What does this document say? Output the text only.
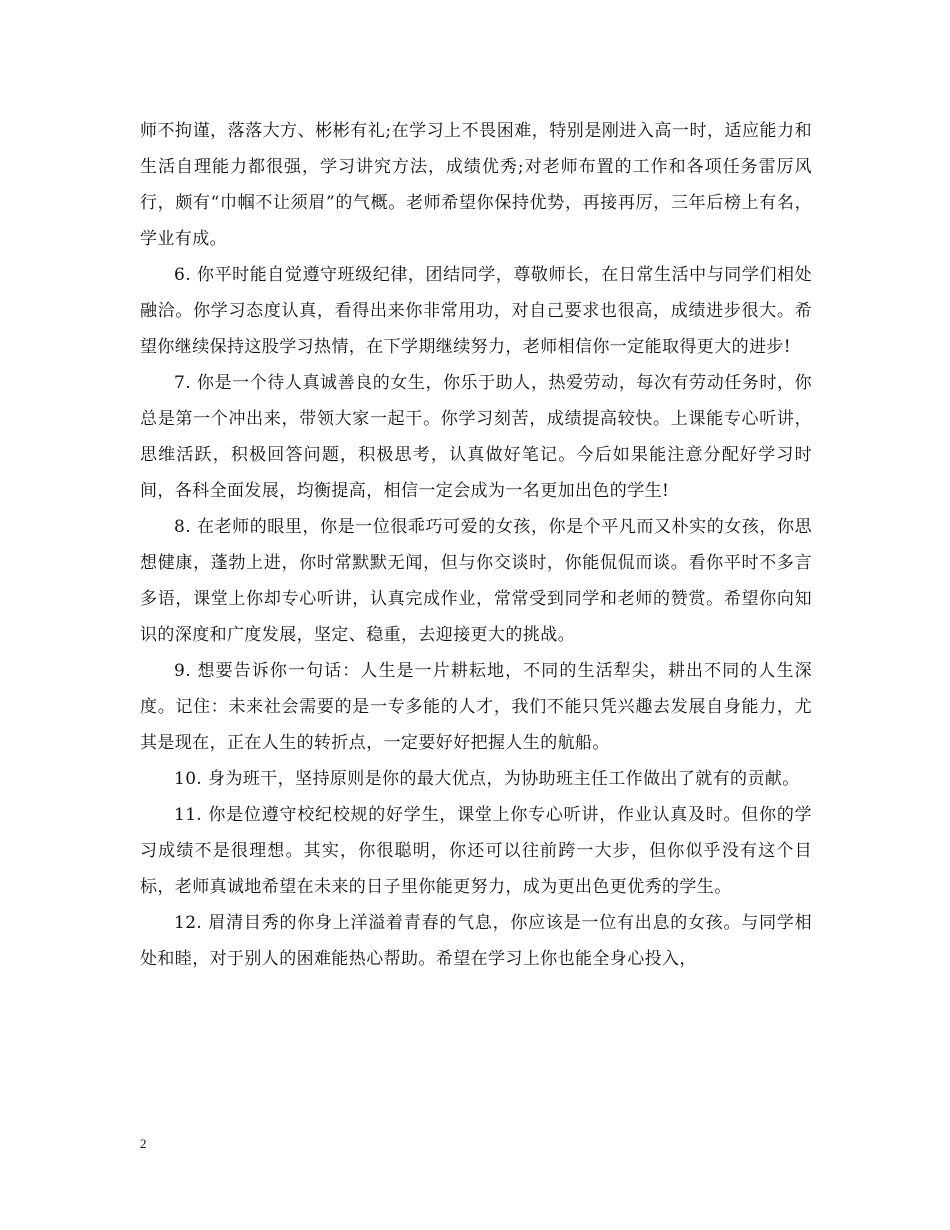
师不拘谨，落落大方、彬彬有礼;在学习上不畏困难，特别是刚进入高一时，适应能力和生活自理能力都很强，学习讲究方法，成绩优秀;对老师布置的工作和各项任务雷厉风行，颇有“巾帼不让须眉”的气概。老师希望你保持优势，再接再厉，三年后榜上有名，学业有成。

6. 你平时能自觉遵守班级纪律，团结同学，尊敬师长，在日常生活中与同学们相处融洽。你学习态度认真，看得出来你非常用功，对自己要求也很高，成绩进步很大。希望你继续保持这股学习热情，在下学期继续努力，老师相信你一定能取得更大的进步!

7. 你是一个待人真诚善良的女生，你乐于助人，热爱劳动，每次有劳动任务时，你总是第一个冲出来，带领大家一起干。你学习刻苦，成绩提高较快。上课能专心听讲，思维活跃，积极回答问题，积极思考，认真做好笔记。今后如果能注意分配好学习时间，各科全面发展，均衡提高，相信一定会成为一名更加出色的学生!

8. 在老师的眼里，你是一位很乖巧可爱的女孩，你是个平凡而又朴实的女孩，你思想健康，蓬勃上进，你时常默默无闻，但与你交谈时，你能侃侃而谈。看你平时不多言多语，课堂上你却专心听讲，认真完成作业，常常受到同学和老师的赞赏。希望你向知识的深度和广度发展，坚定、稳重，去迎接更大的挑战。

9. 想要告诉你一句话：人生是一片耕耘地，不同的生活犁尖，耕出不同的人生深度。记住：未来社会需要的是一专多能的人才，我们不能只凭兴趣去发展自身能力，尤其是现在，正在人生的转折点，一定要好好把握人生的航船。

10. 身为班干，坚持原则是你的最大优点，为协助班主任工作做出了就有的贡献。

11. 你是位遵守校纪校规的好学生，课堂上你专心听讲，作业认真及时。但你的学习成绩不是很理想。其实，你很聪明，你还可以往前跨一大步，但你似乎没有这个目标，老师真诚地希望在未来的日子里你能更努力，成为更出色更优秀的学生。

12. 眉清目秀的你身上洋溢着青春的气息，你应该是一位有出息的女孩。与同学相处和睦，对于别人的困难能热心帮助。希望在学习上你也能全身心投入，

2
